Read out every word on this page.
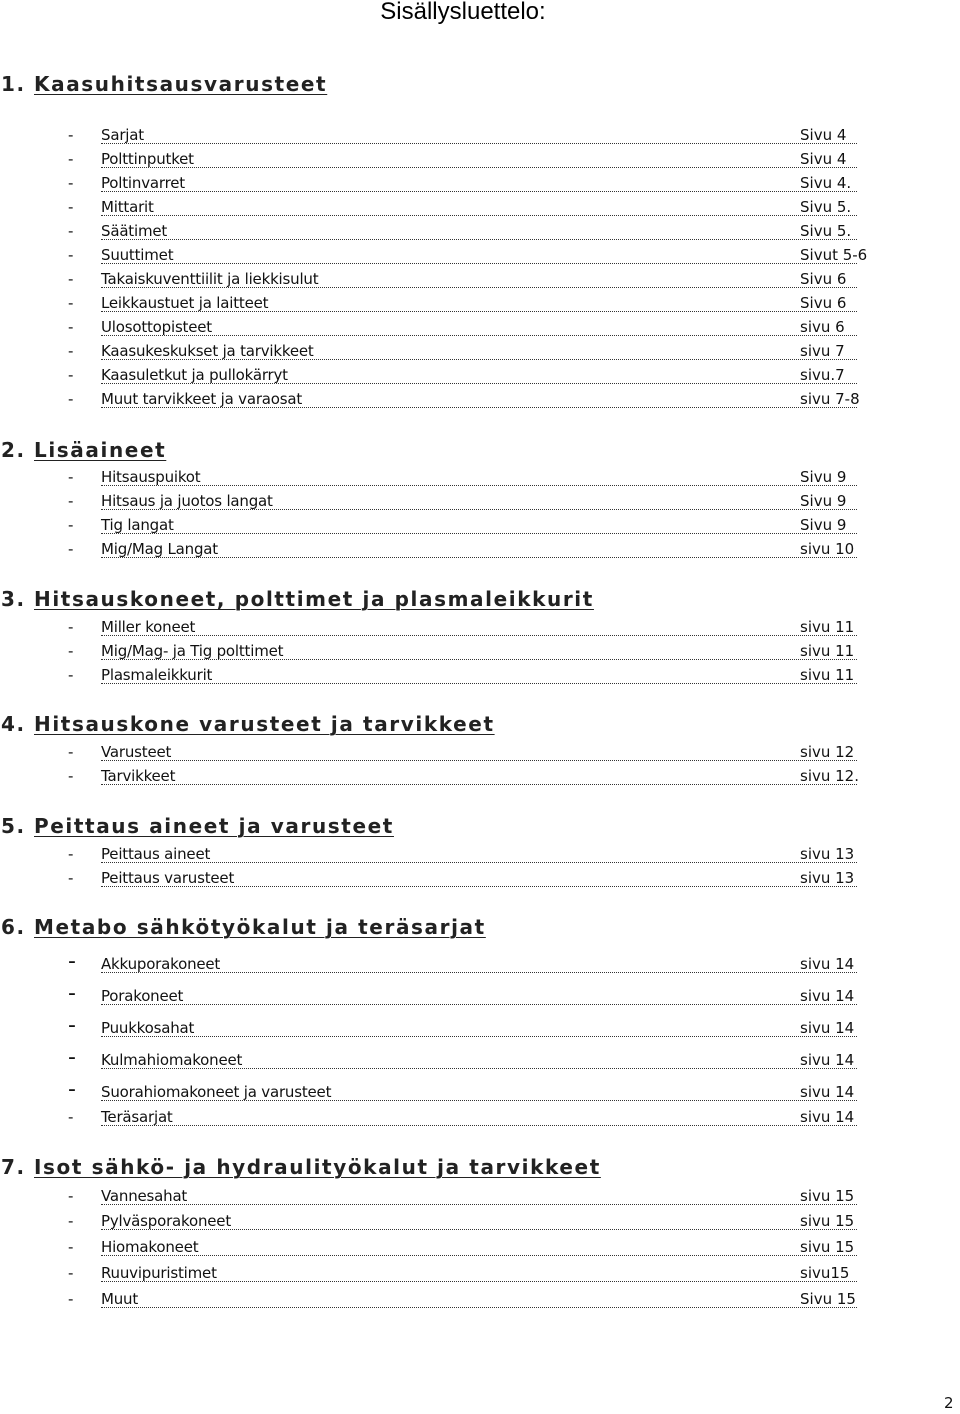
Sisällysluettelo:
1. Kaasuhitsausvarusteet
- Sarjat	Sivu 4
- Polttinputket	Sivu 4
- Poltinvarret	Sivu 4.
- Mittarit	Sivu 5.
- Säätimet	Sivu 5.
- Suuttimet	Sivut 5-6
- Takaiskuventtiilit ja liekkisulut	Sivu 6
- Leikkaustuet ja laitteet	Sivu 6
- Ulosottopisteet	sivu 6
- Kaasukeskukset ja tarvikkeet	sivu 7
- Kaasuletkut ja pullokärryt	sivu.7
- Muut tarvikkeet ja varaosat	sivu 7-8
2. Lisäaineet
- Hitsauspuikot	Sivu 9
- Hitsaus ja juotos langat	Sivu 9
- Tig langat	Sivu 9
- Mig/Mag Langat	sivu 10
3. Hitsauskoneet, polttimet ja plasmaleikkurit
- Miller koneet	sivu 11
- Mig/Mag- ja Tig polttimet	sivu 11
- Plasmaleikkurit	sivu 11
4. Hitsauskone varusteet ja tarvikkeet
- Varusteet	sivu 12
- Tarvikkeet	sivu 12.
5. Peittaus aineet ja varusteet
- Peittaus aineet	sivu 13
- Peittaus varusteet	sivu 13
6. Metabo sähkötyökalut ja teräsarjat
- Akkuporakoneet	sivu 14
- Porakoneet	sivu 14
- Puukkosahat	sivu 14
- Kulmahiomakoneet	sivu 14
- Suorahiomakoneet ja varusteet	sivu 14
- Teräsarjat	sivu 14
7. Isot sähkö- ja hydraulityökalut ja tarvikkeet
- Vannesahat	sivu 15
- Pylväsporakoneet	sivu 15
- Hiomakoneet	sivu 15
- Ruuvipuristimet	sivu15
- Muut	Sivu 15
2
